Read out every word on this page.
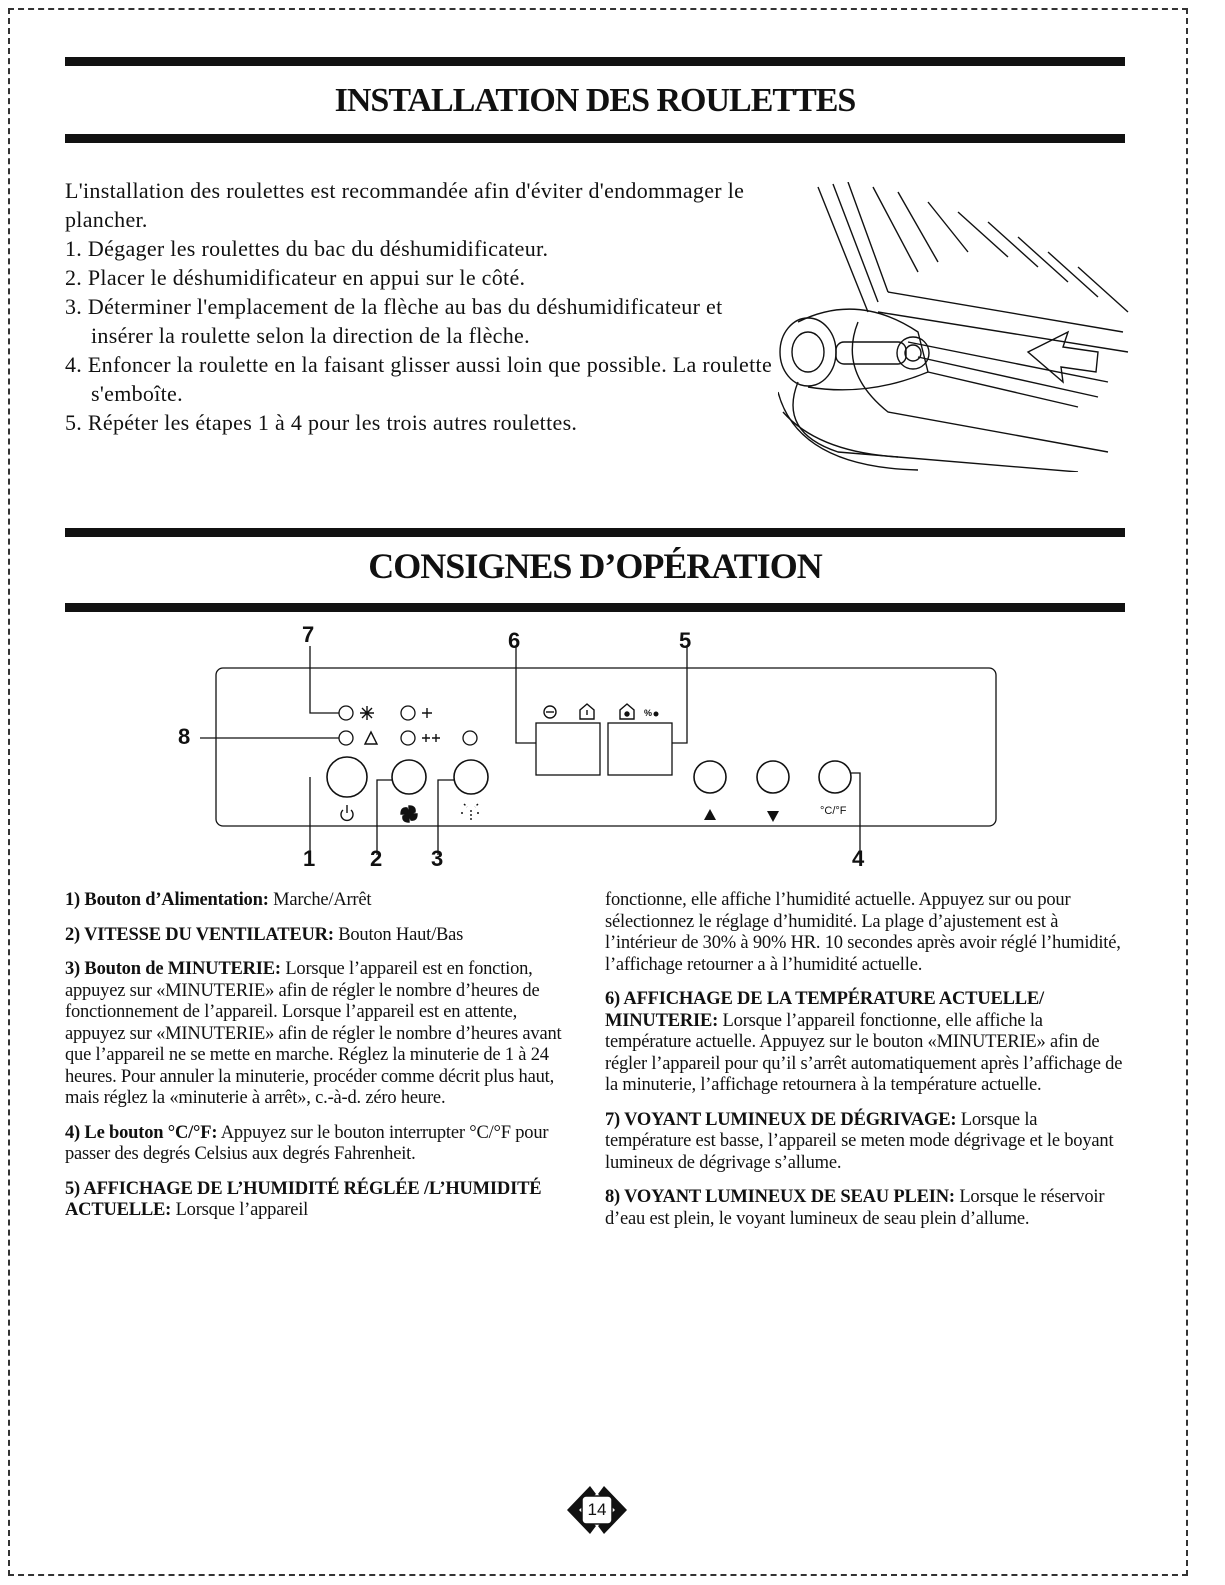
INSTALLATION DES ROULETTES

L'installation des roulettes est recommandée afin d'éviter d'endommager le plancher.

1. Dégager les roulettes du bac du déshumidificateur.
2. Placer le déshumidificateur en appui sur le côté.
3. Déterminer l'emplacement de la flèche au bas du déshumidificateur et insérer la roulette selon la direction de la flèche.
4. Enfoncer la roulette en la faisant glisser aussi loin que possible. La roulette s'emboîte.
5. Répéter les étapes 1 à 4 pour les trois autres roulettes.
CONSIGNES D’OPÉRATION
7	6	5
8
1 2 3	4
%
°C/°F

1) Bouton d’Alimentation: Marche/Arrêt

2) VITESSE DU VENTILATEUR: Bouton Haut/Bas

3) Bouton de MINUTERIE: Lorsque l’appareil est en fonction, appuyez sur «MINUTERIE» afin de régler le nombre d’heures de fonctionnement de l’appareil. Lorsque l’appareil est en attente, appuyez sur «MINUTERIE» afin de régler le nombre d’heures avant que l’appareil ne se mette en marche. Réglez la minuterie de 1 à 24 heures. Pour annuler la minuterie, procéder comme décrit plus haut, mais réglez la «minuterie à arrêt», c.-à-d. zéro heure.

4) Le bouton °C/°F: Appuyez sur le bouton interrupter °C/°F pour passer des degrés Celsius aux degrés Fahrenheit.

5) AFFICHAGE DE L’HUMIDITÉ RÉGLÉE /L’HUMIDITÉ ACTUELLE: Lorsque l’appareil

fonctionne, elle affiche l’humidité actuelle. Appuyez sur ou pour sélectionnez le réglage d’humidité. La plage d’ajustement est à l’intérieur de 30% à 90% HR. 10 secondes après avoir réglé l’humidité, l’affichage retourner a à l’humidité actuelle.

6) AFFICHAGE DE LA TEMPÉRATURE ACTUELLE/ MINUTERIE: Lorsque l’appareil fonctionne, elle affiche la température actuelle. Appuyez sur le bouton «MINUTERIE» afin de régler l’appareil pour qu’il s’arrêt automatiquement après l’affichage de la minuterie, l’affichage retournera à la température actuelle.

7) VOYANT LUMINEUX DE DÉGRIVAGE: Lorsque la température est basse, l’appareil se meten mode dégrivage et le boyant lumineux de dégrivage s’allume.

8) VOYANT LUMINEUX DE SEAU PLEIN: Lorsque le réservoir d’eau est plein, le voyant lumineux de seau plein d’allume.

14
